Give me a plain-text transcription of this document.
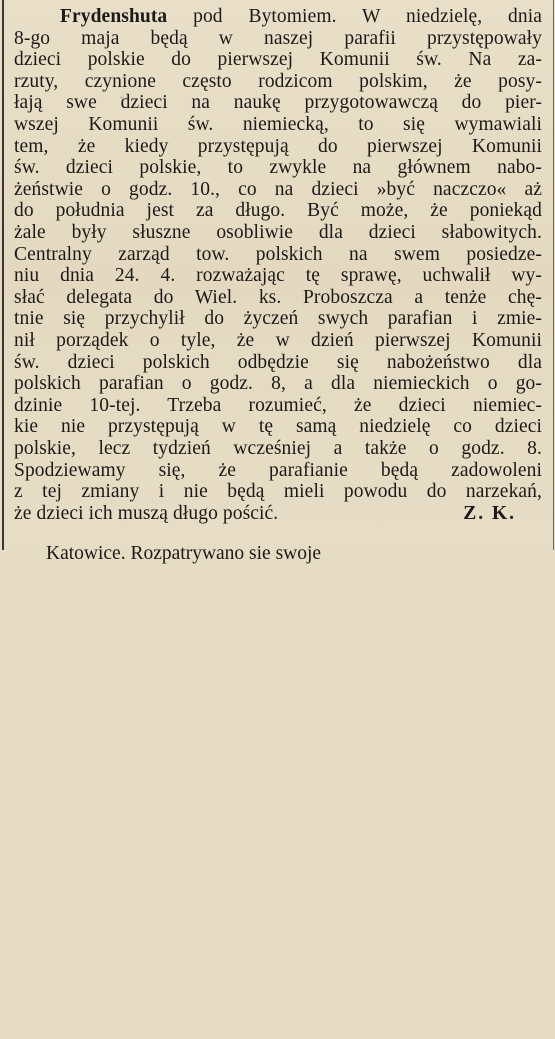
Frydenshuta pod Bytomiem. W niedzielę, dnia
8-go maja będą w naszej parafii przystępowały
dzieci polskie do pierwszej Komunii św. Na za-
rzuty, czynione często rodzicom polskim, że posy-
łają swe dzieci na naukę przygotowawczą do pier-
wszej Komunii św. niemiecką, to się wymawiali
tem, że kiedy przystępują do pierwszej Komunii
św. dzieci polskie, to zwykle na głównem nabo-
żeństwie o godz. 10., co na dzieci »być naczczo« aż
do południa jest za długo. Być może, że poniekąd
żale były słuszne osobliwie dla dzieci słabowitych.
Centralny zarząd tow. polskich na swem posiedze-
niu dnia 24. 4. rozważając tę sprawę, uchwalił wy-
słać delegata do Wiel. ks. Proboszcza a tenże chę-
tnie się przychylił do życzeń swych parafian i zmie-
nił porządek o tyle, że w dzień pierwszej Komunii
św. dzieci polskich odbędzie się nabożeństwo dla
polskich parafian o godz. 8, a dla niemieckich o go-
dzinie 10-tej. Trzeba rozumieć, że dzieci niemiec-
kie nie przystępują w tę samą niedzielę co dzieci
polskie, lecz tydzień wcześniej a także o godz. 8.
Spodziewamy się, że parafianie będą zadowoleni
z tej zmiany i nie będą mieli powodu do narzekań,
że dzieci ich muszą długo pościć.	Z. K.
Katowice. Rozpatrywano sie swoje
